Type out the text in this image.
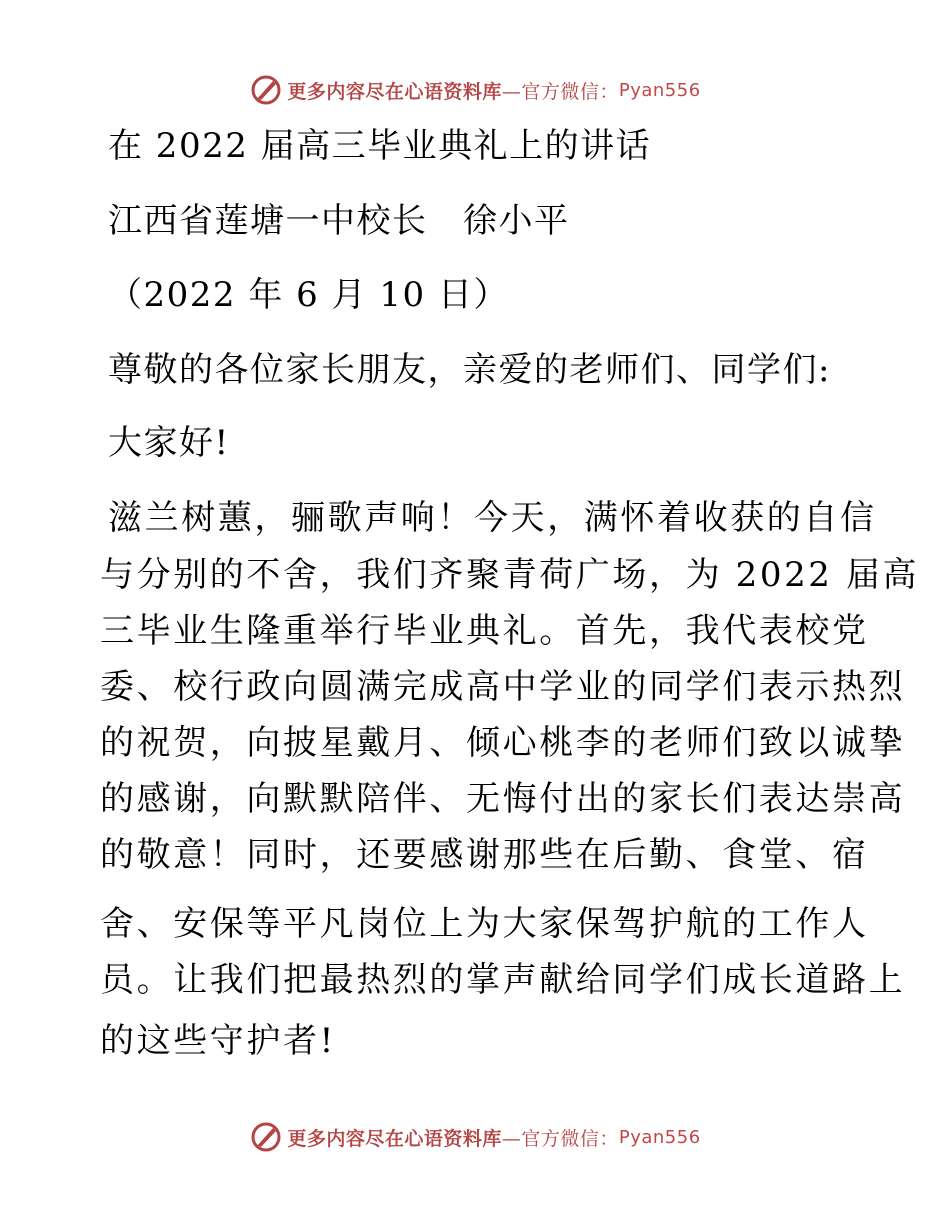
更多内容尽在心语资料库 —官方微信： Pyan556
在 2022 届高三毕业典礼上的讲话
江西省莲塘一中校长　徐小平
（2022 年 6 月 10 日）
尊敬的各位家长朋友，亲爱的老师们、同学们:
大家好!
滋兰树蕙，骊歌声响！今天，满怀着收获的自信
与分别的不舍，我们齐聚青荷广场，为 2022 届高
三毕业生隆重举行毕业典礼。首先，我代表校党
委、校行政向圆满完成高中学业的同学们表示热烈
的祝贺，向披星戴月、倾心桃李的老师们致以诚挚
的感谢，向默默陪伴、无悔付出的家长们表达崇高
的敬意！同时，还要感谢那些在后勤、食堂、宿
舍、安保等平凡岗位上为大家保驾护航的工作人
员。让我们把最热烈的掌声献给同学们成长道路上
的这些守护者!
更多内容尽在心语资料库 —官方微信： Pyan556
